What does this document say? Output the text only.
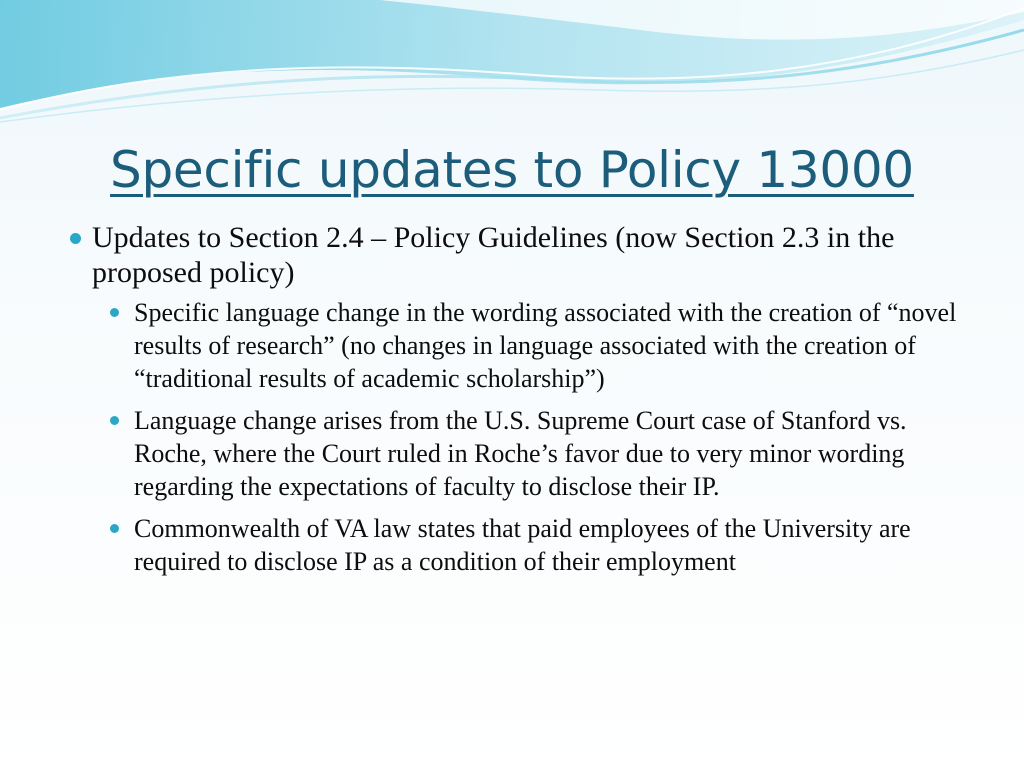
Specific updates to Policy 13000

Updates to Section 2.4 – Policy Guidelines (now Section 2.3 in the proposed policy)

Specific language change in the wording associated with the creation of “novel results of research” (no changes in language associated with the creation of “traditional results of academic scholarship”)
Language change arises from the U.S. Supreme Court case of Stanford vs. Roche, where the Court ruled in Roche’s favor due to very minor wording regarding the expectations of faculty to disclose their IP.
Commonwealth of VA law states that paid employees of the University are required to disclose IP as a condition of their employment
